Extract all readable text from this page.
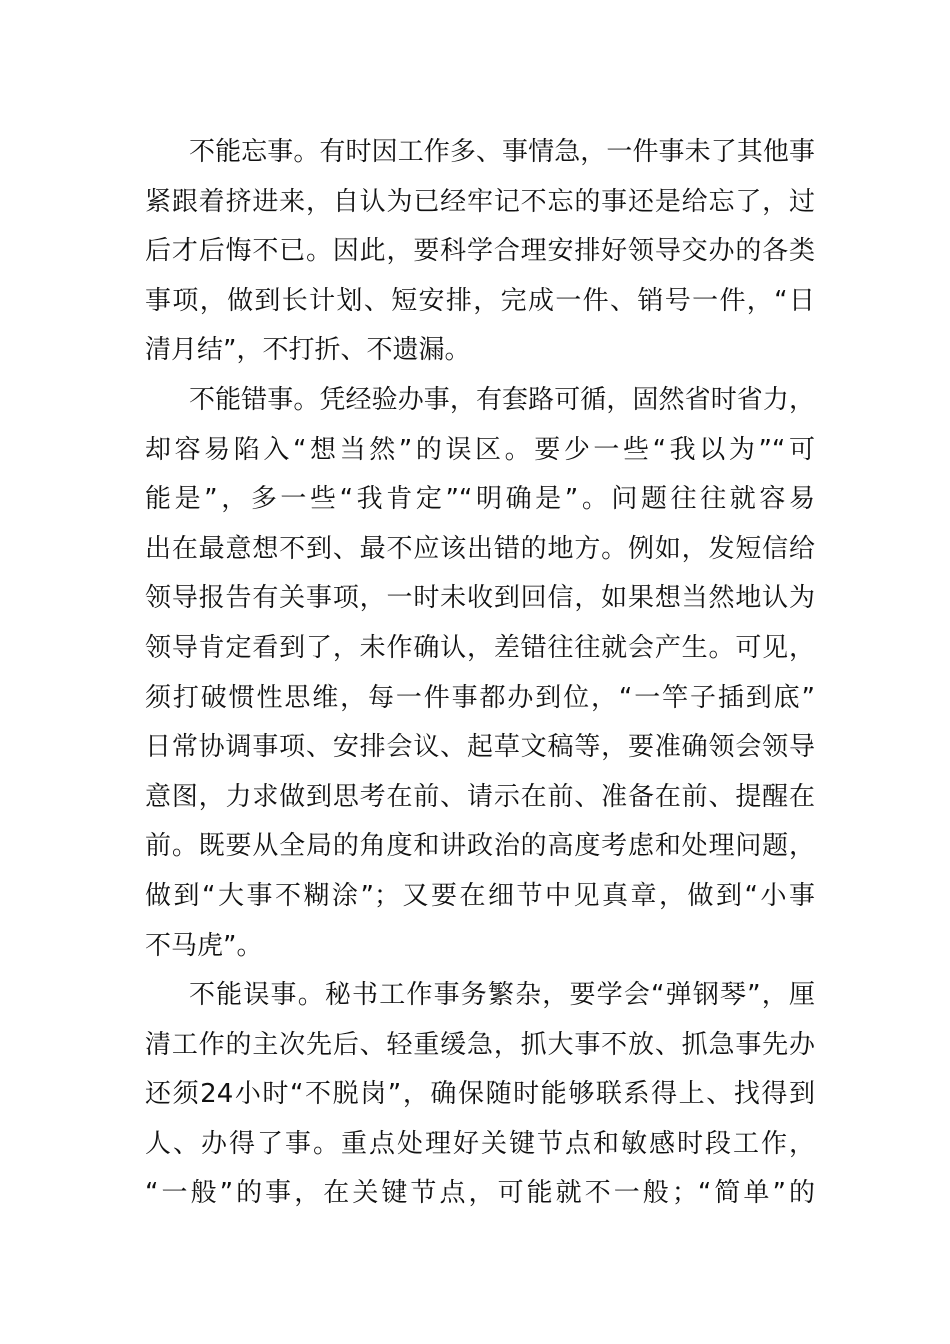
不能忘事。有时因工作多、事情急，一件事未了其他事
紧跟着挤进来，自认为已经牢记不忘的事还是给忘了，过
后才后悔不已。因此，要科学合理安排好领导交办的各类
事项，做到长计划、短安排，完成一件、销号一件，“日
清月结”，不打折、不遗漏。
不能错事。凭经验办事，有套路可循，固然省时省力，
却容易陷入“想当然”的误区。要少一些“我以为”“可
能是”，多一些“我肯定”“明确是”。问题往往就容易
出在最意想不到、最不应该出错的地方。例如，发短信给
领导报告有关事项，一时未收到回信，如果想当然地认为
领导肯定看到了，未作确认，差错往往就会产生。可见，
须打破惯性思维，每一件事都办到位，“一竿子插到底”
日常协调事项、安排会议、起草文稿等，要准确领会领导
意图，力求做到思考在前、请示在前、准备在前、提醒在
前。既要从全局的角度和讲政治的高度考虑和处理问题，
做到“大事不糊涂”；又要在细节中见真章，做到“小事
不马虎”。
不能误事。秘书工作事务繁杂，要学会“弹钢琴”，厘
清工作的主次先后、轻重缓急，抓大事不放、抓急事先办
还须24小时“不脱岗”，确保随时能够联系得上、找得到
人、办得了事。重点处理好关键节点和敏感时段工作，
“一般”的事，在关键节点，可能就不一般；“简单”的
